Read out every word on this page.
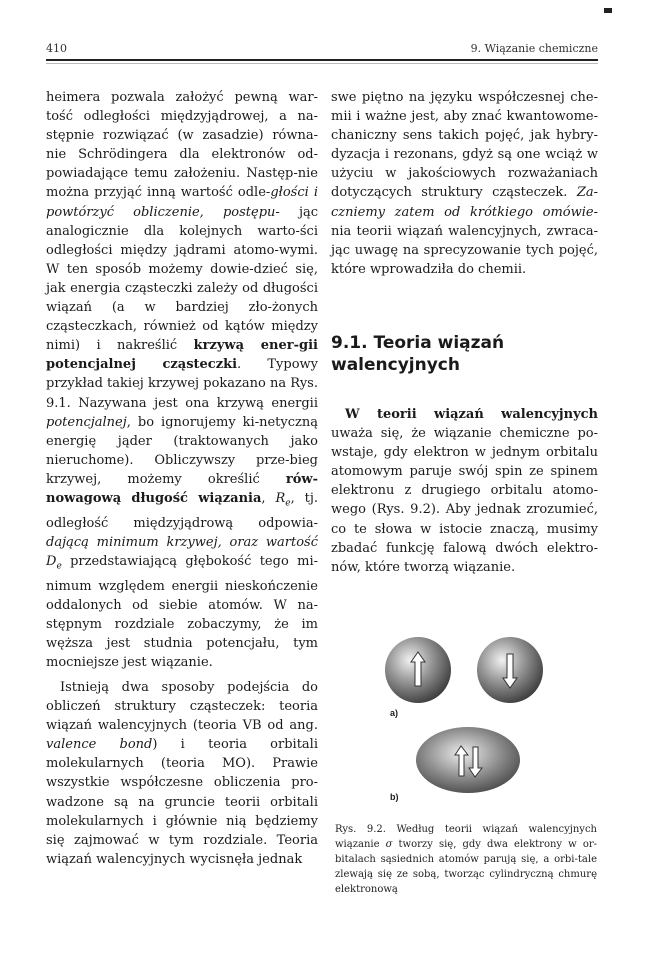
410	9. Wiązanie chemiczne

heimera pozwala założyć pewną war-tość odległości międzyjądrowej, a na-stępnie rozwiązać (w zasadzie) równa-nie Schrödingera dla elektronów od-powiadające temu założeniu. Następ-nie można przyjąć inną wartość odle-głości i powtórzyć obliczenie, postępu- jąc analogicznie dla kolejnych warto-ści odległości między jądrami atomo-wymi. W ten sposób możemy dowie-dzieć się, jak energia cząsteczki zależy od długości wiązań (a w bardziej zło-żonych cząsteczkach, również od kątów między nimi) i nakreślić krzywą ener-gii potencjalnej cząsteczki. Typowy przykład takiej krzywej pokazano na Rys. 9.1. Nazywana jest ona krzywą energii potencjalnej, bo ignorujemy ki-netyczną energię jąder (traktowanych jako nieruchome). Obliczywszy prze-bieg krzywej, możemy określić rów-nowagową długość wiązania, $R_e$, tj. odległość międzyjądrową odpowia-dającą minimum krzywej, oraz wartość $D_e$ przedstawiającą głębokość tego mi-nimum względem energii nieskończenie oddalonych od siebie atomów. W na-stępnym rozdziale zobaczymy, że im węższa jest studnia potencjału, tym mocniejsze jest wiązanie.

Istnieją dwa sposoby podejścia do obliczeń struktury cząsteczek: teoria wiązań walencyjnych (teoria VB od ang. valence bond) i teoria orbitali molekularnych (teoria MO). Prawie wszystkie współczesne obliczenia pro-wadzone są na gruncie teorii orbitali molekularnych i głównie nią będziemy się zajmować w tym rozdziale. Teoria wiązań walencyjnych wycisnęła jednak

swe piętno na języku współczesnej che-mii i ważne jest, aby znać kwantowome-chaniczny sens takich pojęć, jak hybry-dyzacja i rezonans, gdyż są one wciąż w użyciu w jakościowych rozważaniach dotyczących struktury cząsteczek. Za-czniemy zatem od krótkiego omówie- nia teorii wiązań walencyjnych, zwraca-jąc uwagę na sprecyzowanie tych pojęć, które wprowadziła do chemii.

9.1. Teoria wiązań walencyjnych

W teorii wiązań walencyjnych uważa się, że wiązanie chemiczne po-wstaje, gdy elektron w jednym orbitalu atomowym paruje swój spin ze spinem elektronu z drugiego orbitalu atomo-wego (Rys. 9.2). Aby jednak zrozumieć, co te słowa w istocie znaczą, musimy zbadać funkcję falową dwóch elektro-nów, które tworzą wiązanie.

a)
b)
Rys. 9.2. Według teorii wiązań walencyjnych wiązanie σ tworzy się, gdy dwa elektrony w or-bitalach sąsiednich atomów parują się, a orbi-tale zlewają się ze sobą, tworząc cylindryczną chmurę elektronową
